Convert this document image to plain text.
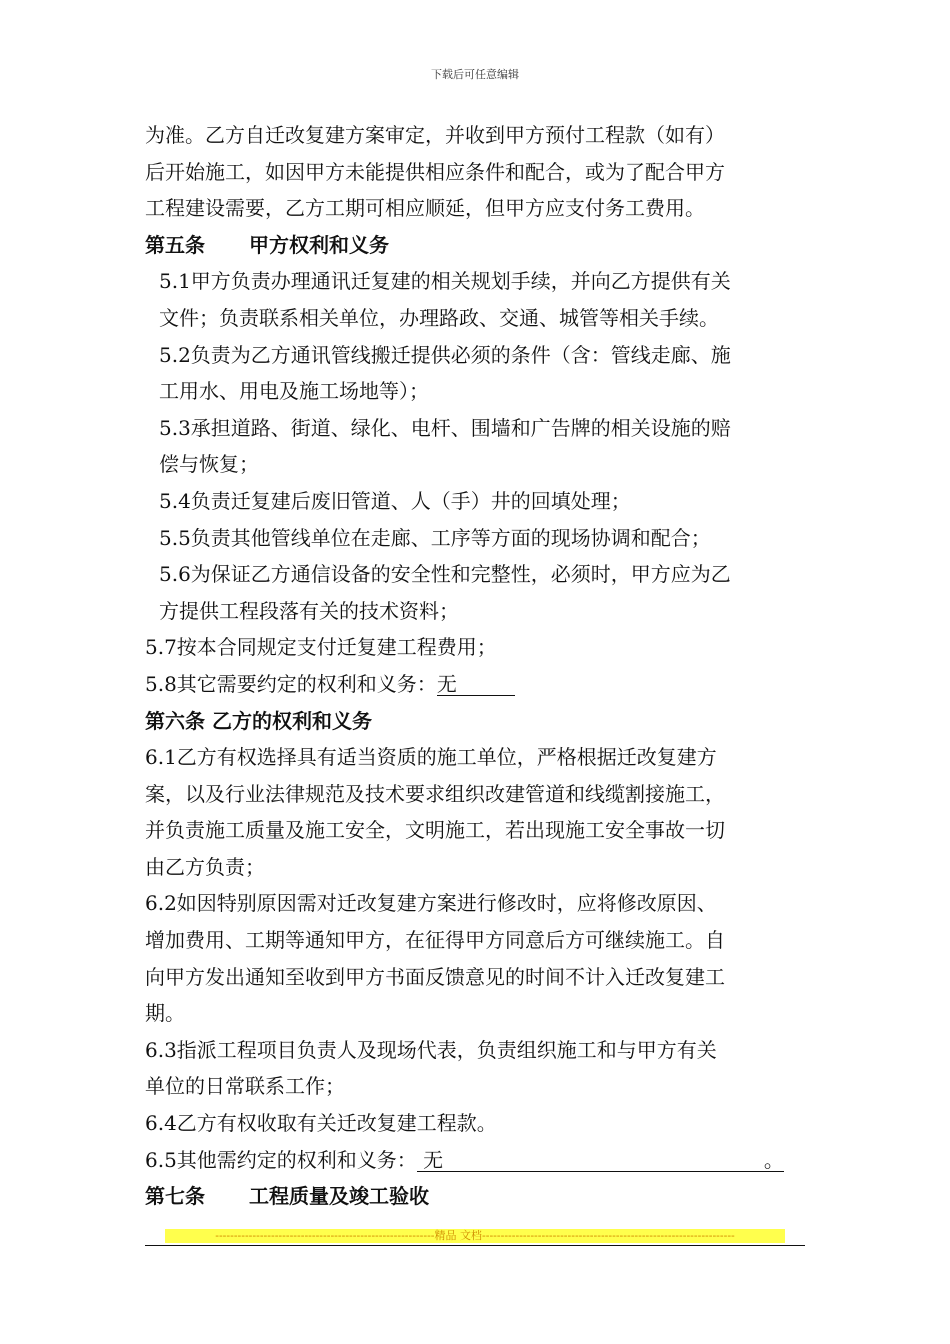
下载后可任意编辑
为准。乙方自迁改复建方案审定，并收到甲方预付工程款（如有）
后开始施工，如因甲方未能提供相应条件和配合，或为了配合甲方
工程建设需要，乙方工期可相应顺延，但甲方应支付务工费用。
第五条 甲方权利和义务
5.1甲方负责办理通讯迁复建的相关规划手续，并向乙方提供有关
文件；负责联系相关单位，办理路政、交通、城管等相关手续。
5.2负责为乙方通讯管线搬迁提供必须的条件（含：管线走廊、施
工用水、用电及施工场地等）；
5.3承担道路、街道、绿化、电杆、围墙和广告牌的相关设施的赔
偿与恢复；
5.4负责迁复建后废旧管道、人（手）井的回填处理；
5.5负责其他管线单位在走廊、工序等方面的现场协调和配合；
5.6为保证乙方通信设备的安全性和完整性，必须时，甲方应为乙
方提供工程段落有关的技术资料；
5.7按本合同规定支付迁复建工程费用；
5.8其它需要约定的权利和义务：无
第六条 乙方的权利和义务
6.1乙方有权选择具有适当资质的施工单位，严格根据迁改复建方
案，以及行业法律规范及技术要求组织改建管道和线缆割接施工，
并负责施工质量及施工安全，文明施工，若出现施工安全事故一切
由乙方负责；
6.2如因特别原因需对迁改复建方案进行修改时，应将修改原因、
增加费用、工期等通知甲方，在征得甲方同意后方可继续施工。自
向甲方发出通知至收到甲方书面反馈意见的时间不计入迁改复建工
期。
6.3指派工程项目负责人及现场代表，负责组织施工和与甲方有关
单位的日常联系工作；
6.4乙方有权收取有关迁改复建工程款。
6.5其他需约定的权利和义务： 无	。
第七条 工程质量及竣工验收
-----------------------------------------------------------精品 文档--------------------------------------------------------------------
